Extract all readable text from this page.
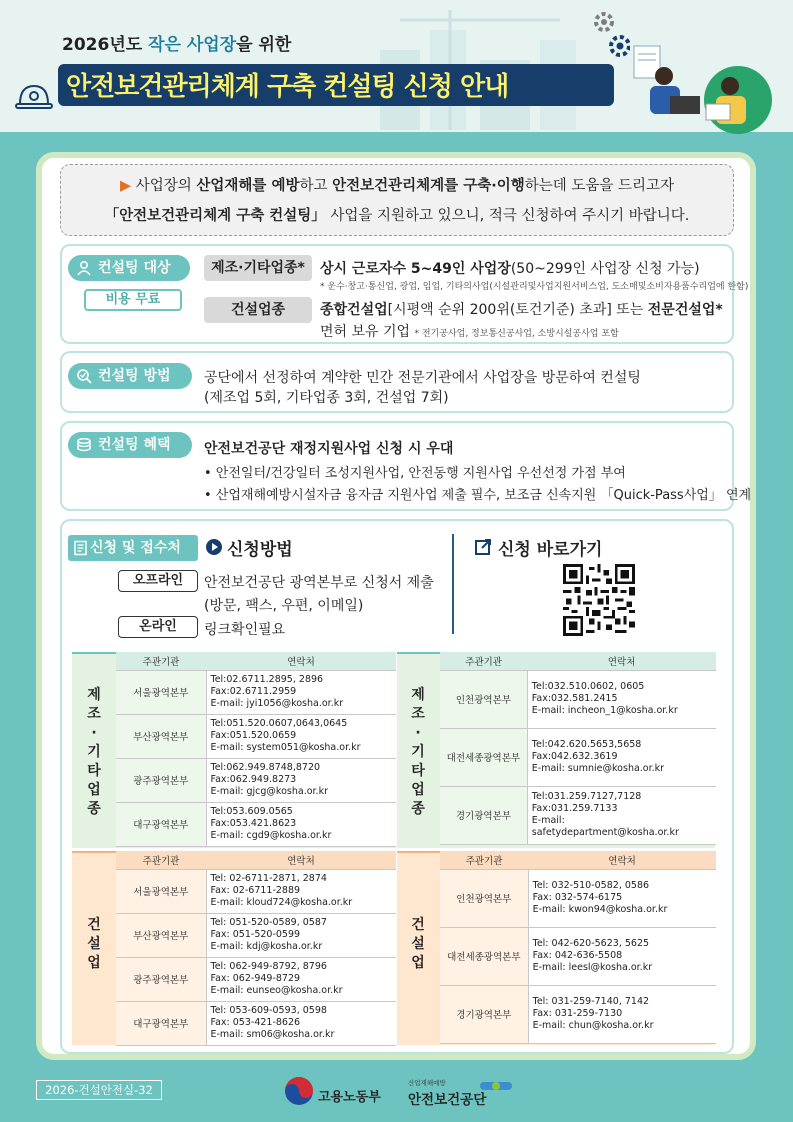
2026년도 작은 사업장을 위한
안전보건관리체계 구축 컨설팅 신청 안내
▶ 사업장의 산업재해를 예방하고 안전보건관리체계를 구축·이행하는데 도움을 드리고자
「안전보건관리체계 구축 컨설팅」 사업을 지원하고 있으니, 적극 신청하여 주시기 바랍니다.
컨설팅 대상
비용 무료
제조·기타업종*	상시 근로자수 5~49인 사업장(50~299인 사업장 신청 가능)
* 운수·창고·통신업, 광업, 임업, 기타의사업(시설관리및사업지원서비스업, 도소매및소비자용품수리업에 한함)
건설업종	종합건설업[시평액 순위 200위(토건기준) 초과] 또는 전문건설업*
면허 보유 기업 * 전기공사업, 정보통신공사업, 소방시설공사업 포함
컨설팅 방법	공단에서 선정하여 계약한 민간 전문기관에서 사업장을 방문하여 컨설팅
(제조업 5회, 기타업종 3회, 건설업 7회)
컨설팅 혜택	안전보건공단 재정지원사업 신청 시 우대
• 안전일터/건강일터 조성지원사업, 안전동행 지원사업 우선선정 가점 부여
• 산업재해예방시설자금 융자금 지원사업 제출 필수, 보조금 신속지원 「Quick-Pass사업」 연계
신청 및 접수처	신청방법	신청 바로가기
오프라인	안전보건공단 광역본부로 신청서 제출
(방문, 팩스, 우편, 이메일)
온라인	링크확인필요
제
조
·
기
타
업
종
주관기관	연락처
서울광역본부	Tel:02.6711.2895, 2896
Fax:02.6711.2959
E-mail: jyi1056@kosha.or.kr

부산광역본부	Tel:051.520.0607,0643,0645
Fax:051.520.0659
E-mail: system051@kosha.or.kr

광주광역본부	Tel:062.949.8748,8720
Fax:062.949.8273
E-mail: gjcg@kosha.or.kr

대구광역본부	Tel:053.609.0565
Fax:053.421.8623
E-mail: cgd9@kosha.or.kr
제
조
·
기
타
업
종
주관기관	연락처
인천광역본부	Tel:032.510.0602, 0605
Fax:032.581.2415
E-mail: incheon_1@kosha.or.kr

대전세종광역본부	Tel:042.620.5653,5658
Fax:042.632.3619
E-mail: sumnie@kosha.or.kr

경기광역본부	Tel:031.259.7127,7128
Fax:031.259.7133
E-mail: safetydepartment@kosha.or.kr
건
설
업
주관기관	연락처
서울광역본부	Tel: 02-6711-2871, 2874
Fax: 02-6711-2889
E-mail: kloud724@kosha.or.kr

부산광역본부	Tel: 051-520-0589, 0587
Fax: 051-520-0599
E-mail: kdj@kosha.or.kr

광주광역본부	Tel: 062-949-8792, 8796
Fax: 062-949-8729
E-mail: eunseo@kosha.or.kr

대구광역본부	Tel: 053-609-0593, 0598
Fax: 053-421-8626
E-mail: sm06@kosha.or.kr
건
설
업
주관기관	연락처
인천광역본부	Tel: 032-510-0582, 0586
Fax: 032-574-6175
E-mail: kwon94@kosha.or.kr

대전세종광역본부	Tel: 042-620-5623, 5625
Fax: 042-636-5508
E-mail: leesl@kosha.or.kr

경기광역본부	Tel: 031-259-7140, 7142
Fax: 031-259-7130
E-mail: chun@kosha.or.kr
2026-건설안전실-32	고용노동부
산업재해예방
안전보건공단
